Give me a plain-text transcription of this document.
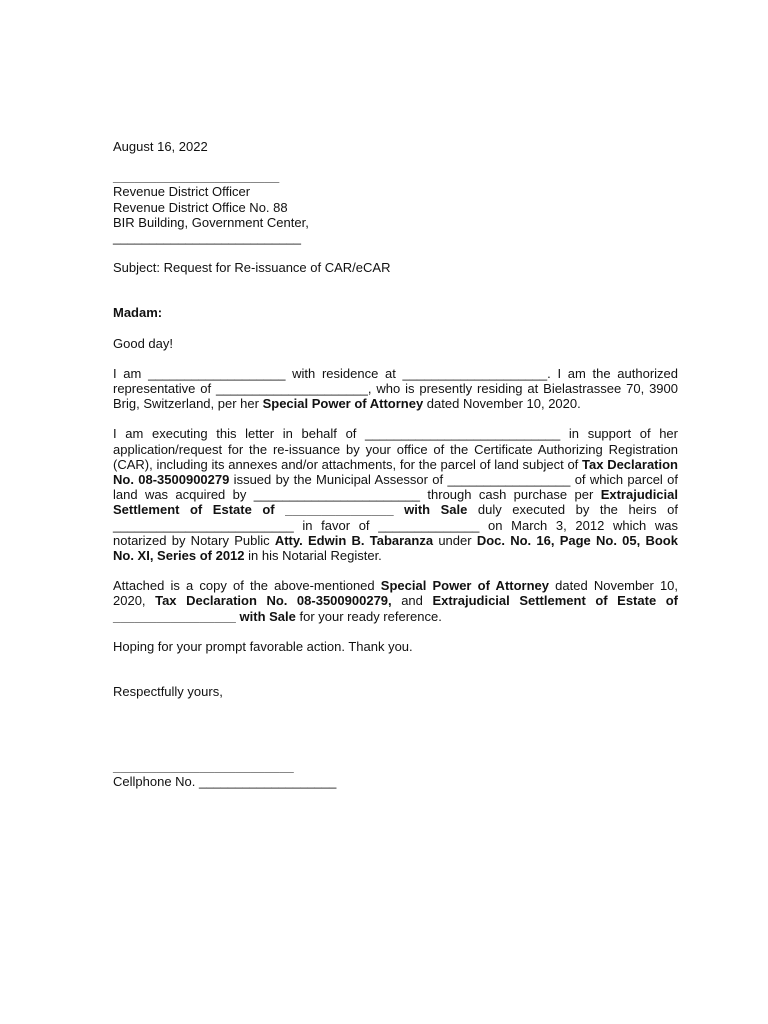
August 16, 2022
_______________________
Revenue District Officer
Revenue District Office No. 88
BIR Building, Government Center,
__________________________
Subject: Request for Re-issuance of CAR/eCAR
Madam:
Good day!

I am ___________________ with residence at ____________________. I am the authorized representative of _____________________, who is presently residing at Bielastrassee 70, 3900 Brig, Switzerland, per her Special Power of Attorney dated November 10, 2020.

I am executing this letter in behalf of ___________________________ in support of her application/request for the re-issuance by your office of the Certificate Authorizing Registration (CAR), including its annexes and/or attachments, for the parcel of land subject of Tax Declaration No. 08-3500900279 issued by the Municipal Assessor of _________________ of which parcel of land was acquired by _______________________ through cash purchase per Extrajudicial Settlement of Estate of _______________ with Sale duly executed by the heirs of _________________________ in favor of ______________ on March 3, 2012 which was notarized by Notary Public Atty. Edwin B. Tabaranza under Doc. No. 16, Page No. 05, Book No. XI, Series of 2012 in his Notarial Register.

Attached is a copy of the above-mentioned Special Power of Attorney dated November 10, 2020, Tax Declaration No. 08-3500900279, and Extrajudicial Settlement of Estate of _________________ with Sale for your ready reference.

Hoping for your prompt favorable action. Thank you.
Respectfully yours,
_________________________
Cellphone No. ___________________
